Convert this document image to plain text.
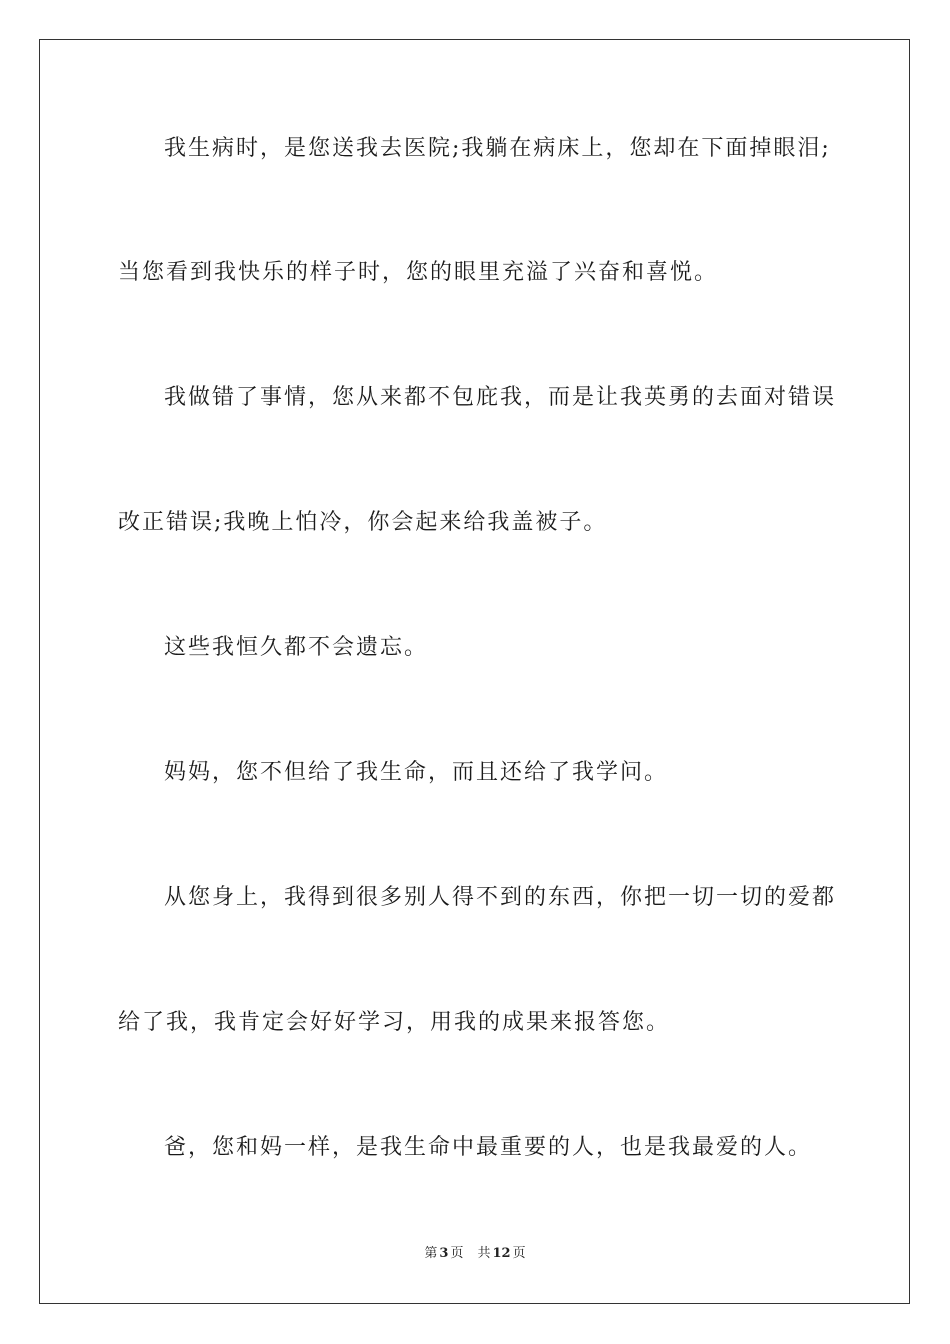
我生病时，是您送我去医院;我躺在病床上，您却在下面掉眼泪;
当您看到我快乐的样子时，您的眼里充溢了兴奋和喜悦。
我做错了事情，您从来都不包庇我，而是让我英勇的去面对错误
改正错误;我晚上怕冷，你会起来给我盖被子。
这些我恒久都不会遗忘。
妈妈，您不但给了我生命，而且还给了我学问。
从您身上，我得到很多别人得不到的东西，你把一切一切的爱都
给了我，我肯定会好好学习，用我的成果来报答您。
爸，您和妈一样，是我生命中最重要的人，也是我最爱的人。
第 3 页 共 12 页
